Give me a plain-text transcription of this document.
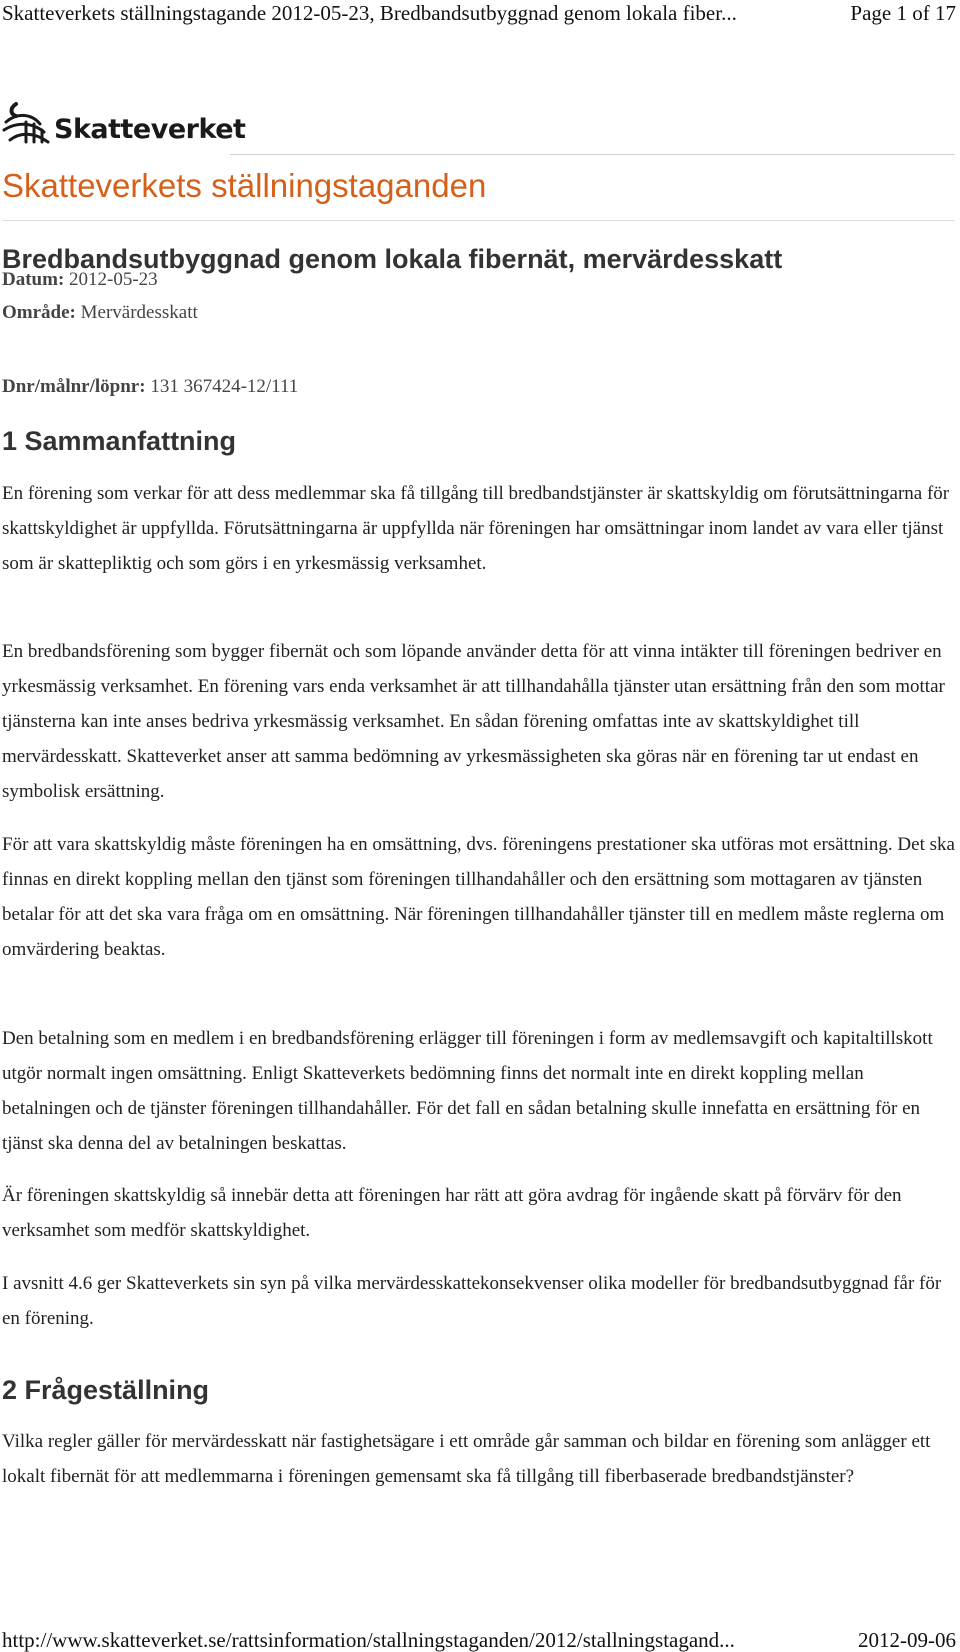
Skatteverkets ställningstagande 2012-05-23, Bredbandsutbyggnad genom lokala fiber...	Page 1 of 17
Skatteverket
Skatteverkets ställningstaganden
Bredbandsutbyggnad genom lokala fibernät, mervärdesskatt
Datum: 2012-05-23
Område: Mervärdesskatt
Dnr/målnr/löpnr: 131 367424-12/111
1 Sammanfattning

En förening som verkar för att dess medlemmar ska få tillgång till bredbandstjänster är skattskyldig om förutsättningarna för skattskyldighet är uppfyllda. Förutsättningarna är uppfyllda när föreningen har omsättningar inom landet av vara eller tjänst som är skattepliktig och som görs i en yrkesmässig verksamhet.

En bredbandsförening som bygger fibernät och som löpande använder detta för att vinna intäkter till föreningen bedriver en yrkesmässig verksamhet. En förening vars enda verksamhet är att tillhandahålla tjänster utan ersättning från den som mottar tjänsterna kan inte anses bedriva yrkesmässig verksamhet. En sådan förening omfattas inte av skattskyldighet till mervärdesskatt. Skatteverket anser att samma bedömning av yrkesmässigheten ska göras när en förening tar ut endast en symbolisk ersättning.

För att vara skattskyldig måste föreningen ha en omsättning, dvs. föreningens prestationer ska utföras mot ersättning. Det ska finnas en direkt koppling mellan den tjänst som föreningen tillhandahåller och den ersättning som mottagaren av tjänsten betalar för att det ska vara fråga om en omsättning. När föreningen tillhandahåller tjänster till en medlem måste reglerna om omvärdering beaktas.

Den betalning som en medlem i en bredbandsförening erlägger till föreningen i form av medlemsavgift och kapitaltillskott utgör normalt ingen omsättning. Enligt Skatteverkets bedömning finns det normalt inte en direkt koppling mellan betalningen och de tjänster föreningen tillhandahåller. För det fall en sådan betalning skulle innefatta en ersättning för en tjänst ska denna del av betalningen beskattas.

Är föreningen skattskyldig så innebär detta att föreningen har rätt att göra avdrag för ingående skatt på förvärv för den verksamhet som medför skattskyldighet.

I avsnitt 4.6 ger Skatteverkets sin syn på vilka mervärdesskattekonsekvenser olika modeller för bredbandsutbyggnad får för en förening.

2 Frågeställning

Vilka regler gäller för mervärdesskatt när fastighetsägare i ett område går samman och bildar en förening som anlägger ett lokalt fibernät för att medlemmarna i föreningen gemensamt ska få tillgång till fiberbaserade bredbandstjänster?

http://www.skatteverket.se/rattsinformation/stallningstaganden/2012/stallningstagand...	2012-09-06
